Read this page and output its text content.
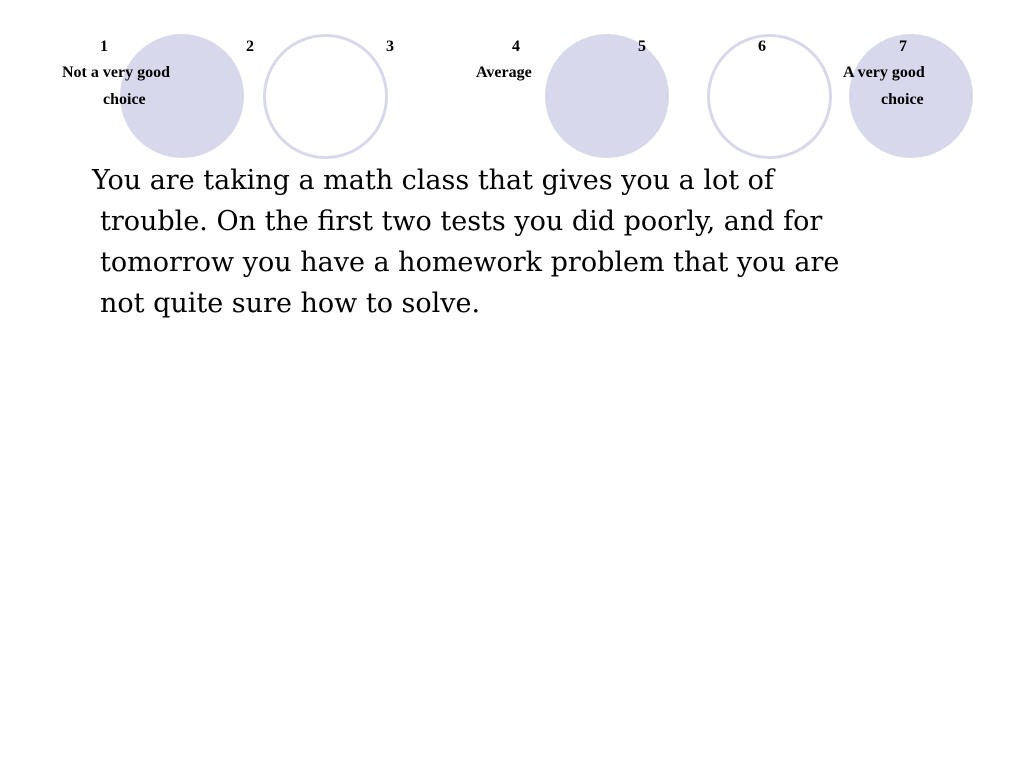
1	2	3	4	5	6	7
Not a very good
choice
Average	A very good
choice
You are taking a math class that gives you a lot of
trouble. On the first two tests you did poorly, and for
tomorrow you have a homework problem that you are
not quite sure how to solve.
